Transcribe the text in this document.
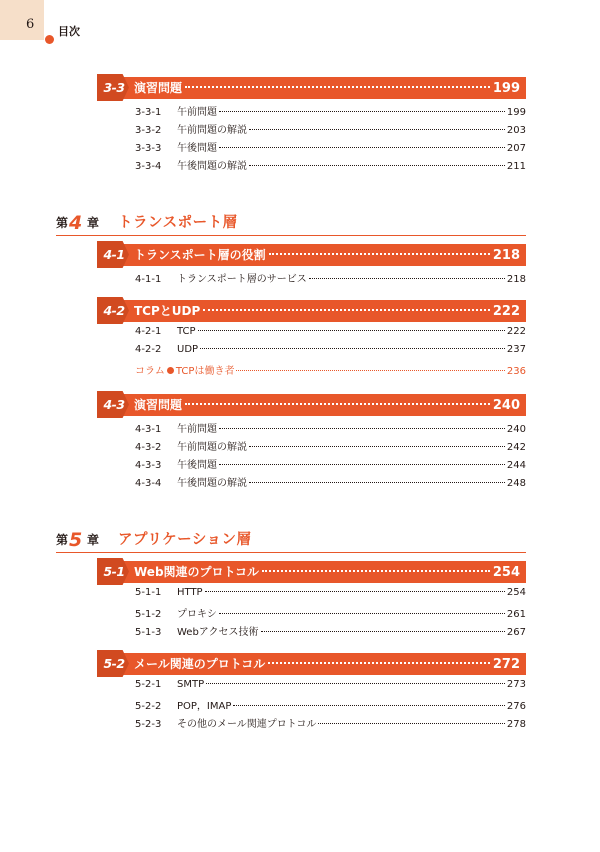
6 目次
3-3 演習問題	199
3-3-1	午前問題	199
3-3-2	午前問題の解説	203
3-3-3	午後問題	207
3-3-4	午後問題の解説	211
第 4 章 トランスポート層
4-1 トランスポート層の役割	218
4-1-1	トランスポート層のサービス	218
4-2 TCPとUDP	222
4-2-1	TCP	222
4-2-2	UDP	237
コラム TCPは働き者	236
4-3 演習問題	240
4-3-1	午前問題	240
4-3-2	午前問題の解説	242
4-3-3	午後問題	244
4-3-4	午後問題の解説	248
第 5 章 アプリケーション層
5-1 Web関連のプロトコル	254
5-1-1	HTTP	254
5-1-2	プロキシ	261
5-1-3	Webアクセス技術	267
5-2 メール関連のプロトコル	272
5-2-1	SMTP	273
5-2-2	POP，IMAP	276
5-2-3	その他のメール関連プロトコル	278
